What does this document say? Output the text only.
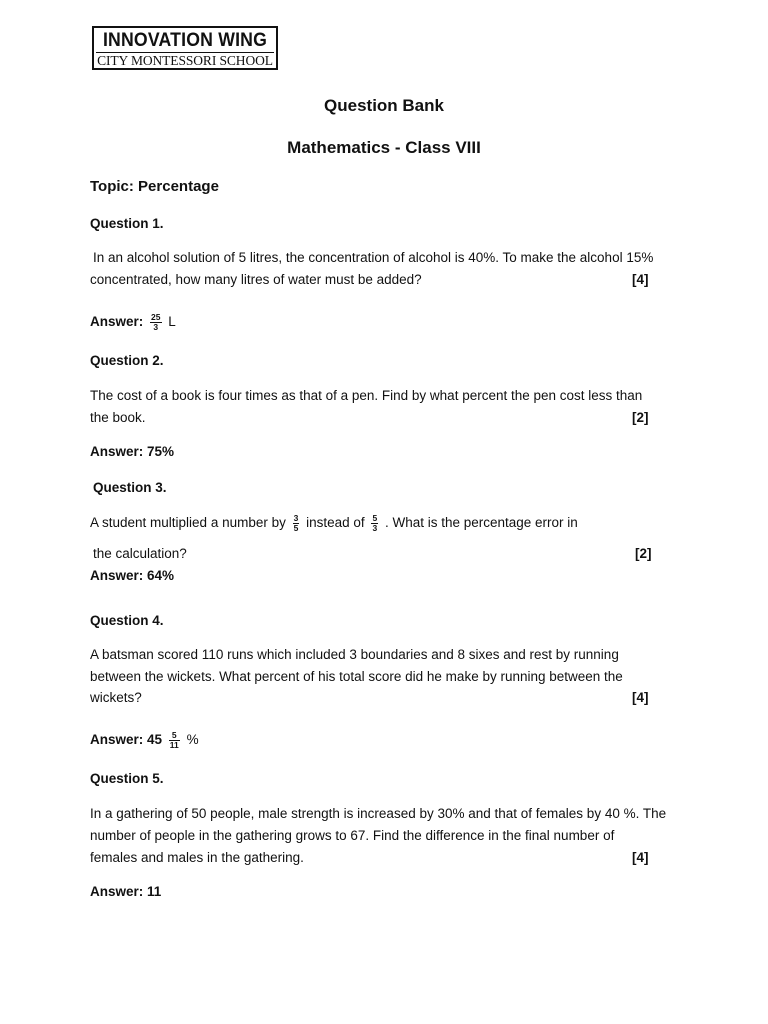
INNOVATION WING
CITY MONTESSORI SCHOOL
Question Bank
Mathematics - Class VIII
Topic: Percentage
Question 1.
In an alcohol solution of 5 litres, the concentration of alcohol is 40%. To make the alcohol 15%
concentrated, how many litres of water must be added?	[4]
Answer: $\frac{25}{3}$ L
Question 2.
The cost of a book is four times as that of a pen. Find by what percent the pen cost less than
the book.	[2]
Answer: 75%
Question 3.
A student multiplied a number by $\frac{3}{5}$ instead of $\frac{5}{3}$ . What is the percentage error in
the calculation?	[2]
Answer: 64%
Question 4.
A batsman scored 110 runs which included 3 boundaries and 8 sixes and rest by running
between the wickets. What percent of his total score did he make by running between the
wickets?	[4]
Answer: $45 \frac{5}{11}$ %
Question 5.
In a gathering of 50 people, male strength is increased by 30% and that of females by 40 %. The
number of people in the gathering grows to 67. Find the difference in the final number of
females and males in the gathering.	[4]
Answer: 11
